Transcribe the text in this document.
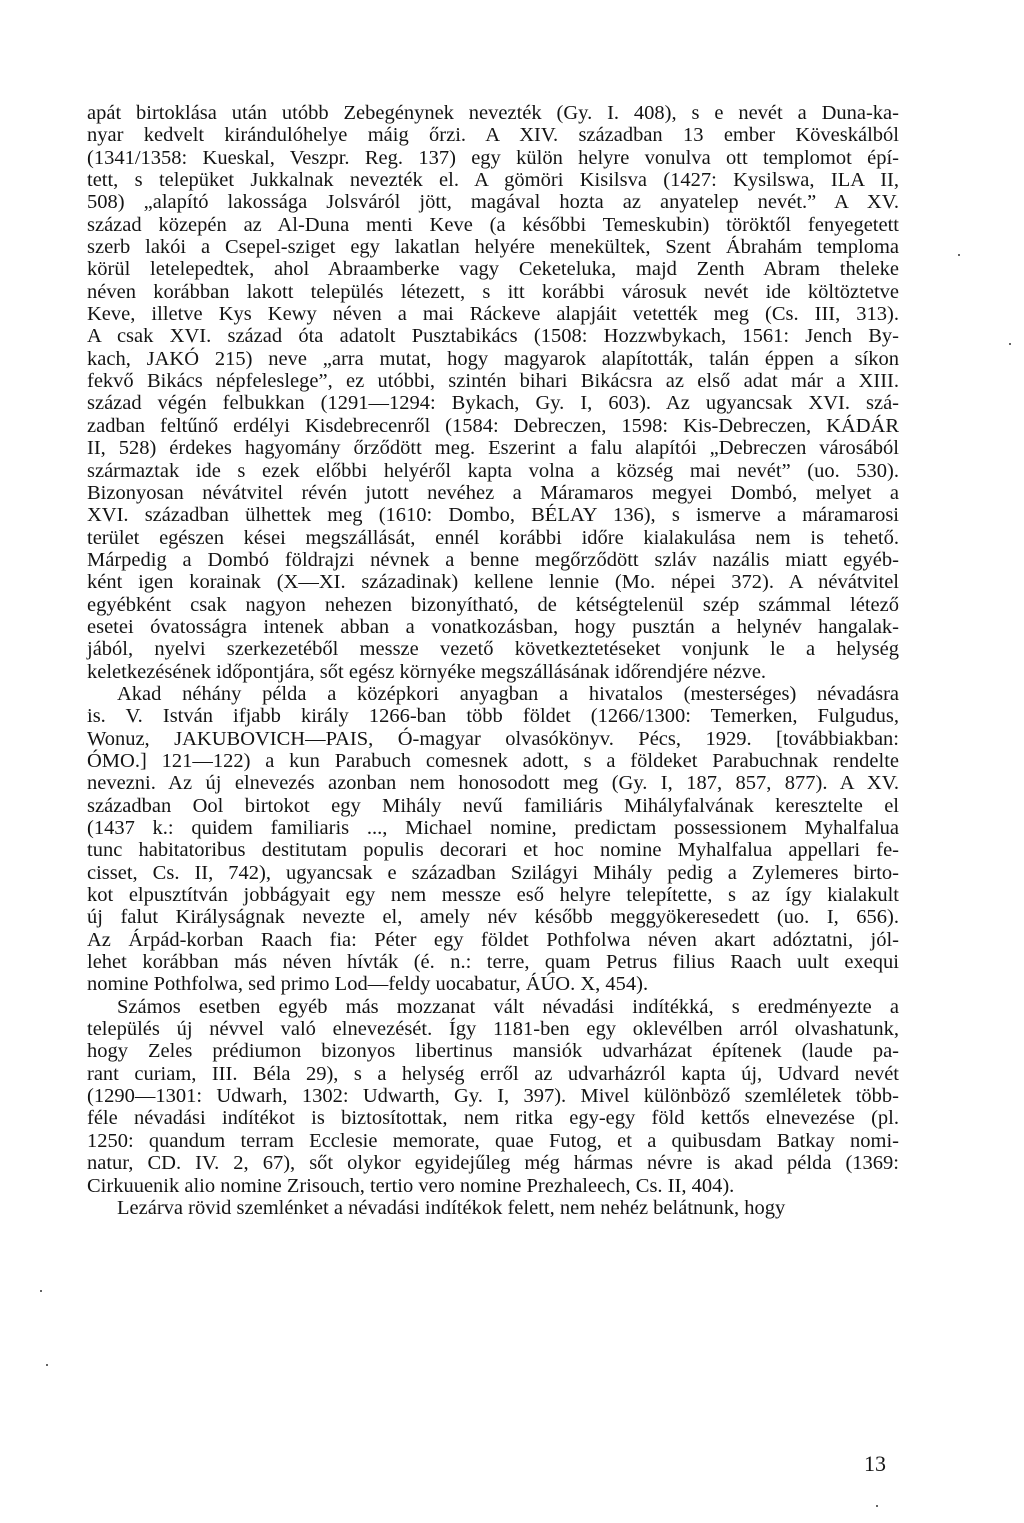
apát birtoklása után utóbb Zebegénynek nevezték (Gy. I. 408), s e nevét a Duna-ka-
nyar kedvelt kirándulóhelye máig őrzi. A XIV. században 13 ember Köveskálból
(1341/1358: Kueskal, Veszpr. Reg. 137) egy külön helyre vonulva ott templomot épí-
tett, s telepüket Jukkalnak nevezték el. A gömöri Kisilsva (1427: Kysilswa, ILA II,
508) „alapító lakossága Jolsváról jött, magával hozta az anyatelep nevét.” A XV.
század közepén az Al-Duna menti Keve (a későbbi Temeskubin) töröktől fenyegetett
szerb lakói a Csepel-sziget egy lakatlan helyére menekültek, Szent Ábrahám temploma
körül letelepedtek, ahol Abraamberke vagy Ceketeluka, majd Zenth Abram theleke
néven korábban lakott település létezett, s itt korábbi városuk nevét ide költöztetve
Keve, illetve Kys Kewy néven a mai Ráckeve alapjáit vetették meg (Cs. III, 313).
A csak XVI. század óta adatolt Pusztabikács (1508: Hozzwbykach, 1561: Jench By-
kach, JAKÓ 215) neve „arra mutat, hogy magyarok alapították, talán éppen a síkon
fekvő Bikács népfeleslege”, ez utóbbi, szintén bihari Bikácsra az első adat már a XIII.
század végén felbukkan (1291—1294: Bykach, Gy. I, 603). Az ugyancsak XVI. szá-
zadban feltűnő erdélyi Kisdebrecenről (1584: Debreczen, 1598: Kis-Debreczen, KÁDÁR
II, 528) érdekes hagyomány őrződött meg. Eszerint a falu alapítói „Debreczen városából
származtak ide s ezek előbbi helyéről kapta volna a község mai nevét” (uo. 530).
Bizonyosan névátvitel révén jutott nevéhez a Máramaros megyei Dombó, melyet a
XVI. században ülhettek meg (1610: Dombo, BÉLAY 136), s ismerve a máramarosi
terület egészen kései megszállását, ennél korábbi időre kialakulása nem is tehető.
Márpedig a Dombó földrajzi névnek a benne megőrződött szláv nazális miatt egyéb-
ként igen korainak (X—XI. századinak) kellene lennie (Mo. népei 372). A névátvitel
egyébként csak nagyon nehezen bizonyítható, de kétségtelenül szép számmal létező
esetei óvatosságra intenek abban a vonatkozásban, hogy pusztán a helynév hangalak-
jából, nyelvi szerkezetéből messze vezető következtetéseket vonjunk le a helység
keletkezésének időpontjára, sőt egész környéke megszállásának időrendjére nézve.
Akad néhány példa a középkori anyagban a hivatalos (mesterséges) névadásra
is. V. István ifjabb király 1266-ban több földet (1266/1300: Temerken, Fulgudus,
Wonuz, JAKUBOVICH—PAIS, Ó-magyar olvasókönyv. Pécs, 1929. [továbbiakban:
ÓMO.] 121—122) a kun Parabuch comesnek adott, s a földeket Parabuchnak rendelte
nevezni. Az új elnevezés azonban nem honosodott meg (Gy. I, 187, 857, 877). A XV.
században Ool birtokot egy Mihály nevű familiáris Mihályfalvának keresztelte el
(1437 k.: quidem familiaris ..., Michael nomine, predictam possessionem Myhalfalua
tunc habitatoribus destitutam populis decorari et hoc nomine Myhalfalua appellari fe-
cisset, Cs. II, 742), ugyancsak e században Szilágyi Mihály pedig a Zylemeres birto-
kot elpusztítván jobbágyait egy nem messze eső helyre telepítette, s az így kialakult
új falut Királyságnak nevezte el, amely név később meggyökeresedett (uo. I, 656).
Az Árpád-korban Raach fia: Péter egy földet Pothfolwa néven akart adóztatni, jól-
lehet korábban más néven hívták (é. n.: terre, quam Petrus filius Raach uult exequi
nomine Pothfolwa, sed primo Lod—feldy uocabatur, ÁÚO. X, 454).
Számos esetben egyéb más mozzanat vált névadási indítékká, s eredményezte a
település új névvel való elnevezését. Így 1181-ben egy oklevélben arról olvashatunk,
hogy Zeles prédiumon bizonyos libertinus mansiók udvarházat építenek (laude pa-
rant curiam, III. Béla 29), s a helység erről az udvarházról kapta új, Udvard nevét
(1290—1301: Udwarh, 1302: Udwarth, Gy. I, 397). Mivel különböző szemléletek több-
féle névadási indítékot is biztosítottak, nem ritka egy-egy föld kettős elnevezése (pl.
1250: quandum terram Ecclesie memorate, quae Futog, et a quibusdam Batkay nomi-
natur, CD. IV. 2, 67), sőt olykor egyidejűleg még hármas névre is akad példa (1369:
Cirkuuenik alio nomine Zrisouch, tertio vero nomine Prezhaleech, Cs. II, 404).
Lezárva rövid szemlénket a névadási indítékok felett, nem nehéz belátnunk, hogy
13
